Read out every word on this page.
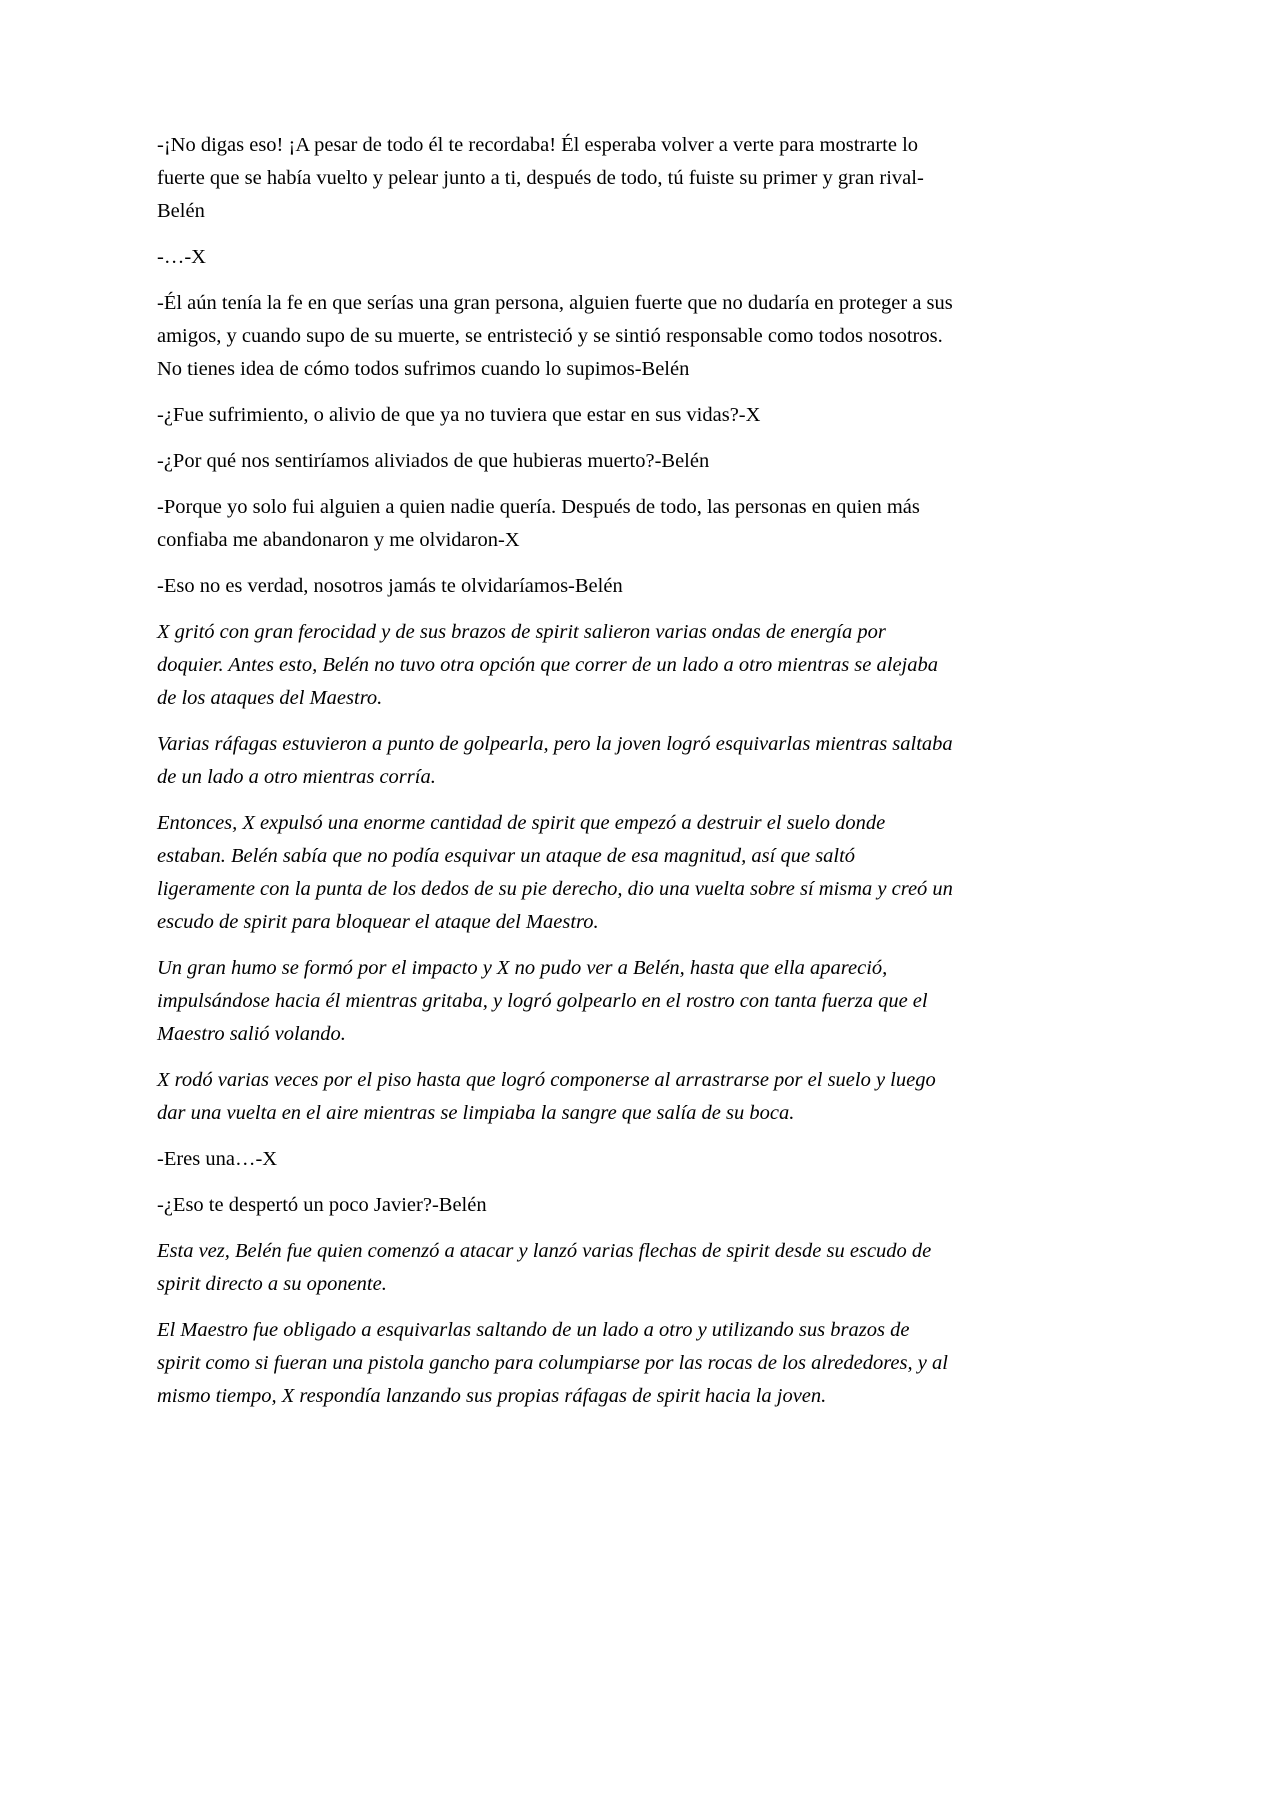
-¡No digas eso! ¡A pesar de todo él te recordaba! Él esperaba volver a verte para mostrarte lo fuerte que se había vuelto y pelear junto a ti, después de todo, tú fuiste su primer y gran rival-Belén

-…-X

-Él aún tenía la fe en que serías una gran persona, alguien fuerte que no dudaría en proteger a sus amigos, y cuando supo de su muerte, se entristeció y se sintió responsable como todos nosotros. No tienes idea de cómo todos sufrimos cuando lo supimos-Belén

-¿Fue sufrimiento, o alivio de que ya no tuviera que estar en sus vidas?-X

-¿Por qué nos sentiríamos aliviados de que hubieras muerto?-Belén

-Porque yo solo fui alguien a quien nadie quería. Después de todo, las personas en quien más confiaba me abandonaron y me olvidaron-X

-Eso no es verdad, nosotros jamás te olvidaríamos-Belén

X gritó con gran ferocidad y de sus brazos de spirit salieron varias ondas de energía por doquier. Antes esto, Belén no tuvo otra opción que correr de un lado a otro mientras se alejaba de los ataques del Maestro.

Varias ráfagas estuvieron a punto de golpearla, pero la joven logró esquivarlas mientras saltaba de un lado a otro mientras corría.

Entonces, X expulsó una enorme cantidad de spirit que empezó a destruir el suelo donde estaban. Belén sabía que no podía esquivar un ataque de esa magnitud, así que saltó ligeramente con la punta de los dedos de su pie derecho, dio una vuelta sobre sí misma y creó un escudo de spirit para bloquear el ataque del Maestro.

Un gran humo se formó por el impacto y X no pudo ver a Belén, hasta que ella apareció, impulsándose hacia él mientras gritaba, y logró golpearlo en el rostro con tanta fuerza que el Maestro salió volando.

X rodó varias veces por el piso hasta que logró componerse al arrastrarse por el suelo y luego dar una vuelta en el aire mientras se limpiaba la sangre que salía de su boca.

-Eres una…-X

-¿Eso te despertó un poco Javier?-Belén

Esta vez, Belén fue quien comenzó a atacar y lanzó varias flechas de spirit desde su escudo de spirit directo a su oponente.

El Maestro fue obligado a esquivarlas saltando de un lado a otro y utilizando sus brazos de spirit como si fueran una pistola gancho para columpiarse por las rocas de los alrededores, y al mismo tiempo, X respondía lanzando sus propias ráfagas de spirit hacia la joven.
